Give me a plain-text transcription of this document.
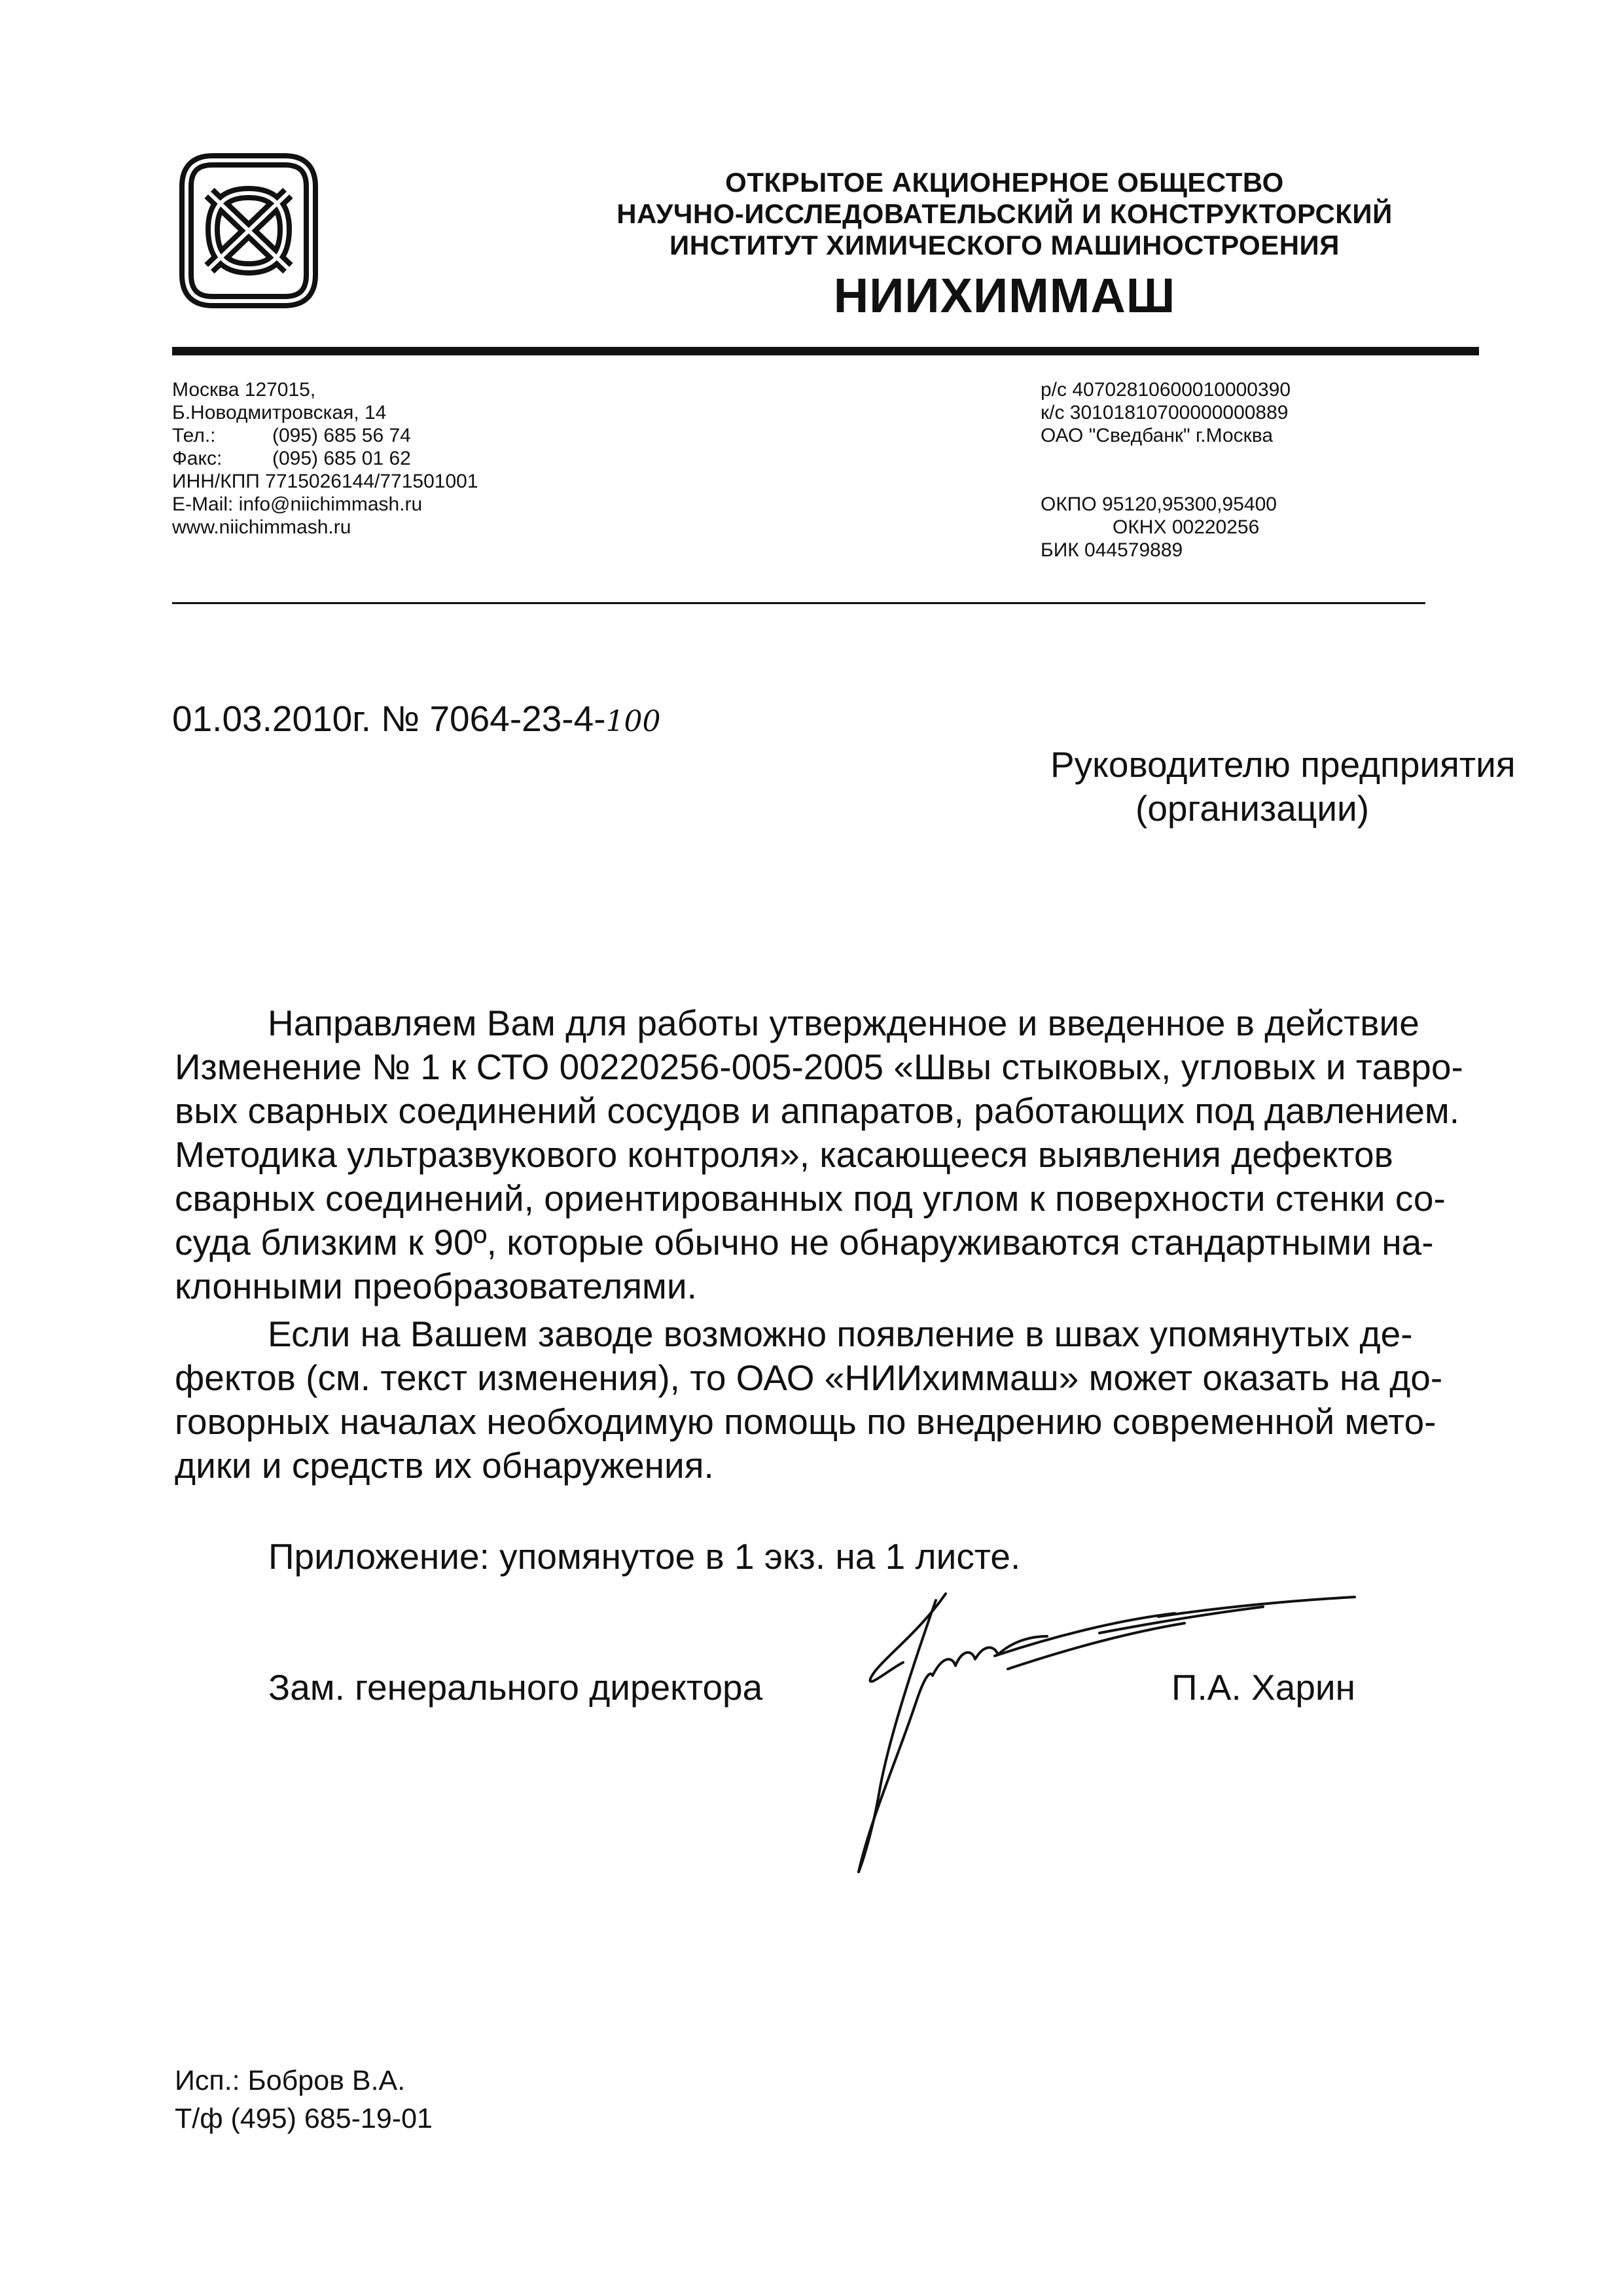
ОТКРЫТОЕ АКЦИОНЕРНОЕ ОБЩЕСТВО
НАУЧНО-ИССЛЕДОВАТЕЛЬСКИЙ И КОНСТРУКТОРСКИЙ
ИНСТИТУТ ХИМИЧЕСКОГО МАШИНОСТРОЕНИЯ
НИИХИММАШ
Москва 127015,
Б.Новодмитровская, 14
Тел.:	(095) 685 56 74
Факс:	(095) 685 01 62
ИНН/КПП 7715026144/771501001
E-Mail: info@niichimmash.ru
www.niichimmash.ru
р/с 40702810600010000390
к/с 30101810700000000889
ОАО "Сведбанк" г.Москва
ОКПО 95120,95300,95400
ОКНХ 00220256
БИК 044579889
01.03.2010г. № 7064-23-4-100
Руководителю предприятия
(организации)
Направляем Вам для работы утвержденное и введенное в действие
Изменение № 1 к СТО 00220256-005-2005 «Швы стыковых, угловых и тавро-
вых сварных соединений сосудов и аппаратов, работающих под давлением.
Методика ультразвукового контроля», касающееся выявления дефектов
сварных соединений, ориентированных под углом к поверхности стенки со-
суда близким к 90º, которые обычно не обнаруживаются стандартными на-
клонными преобразователями.
Если на Вашем заводе возможно появление в швах упомянутых де-
фектов (см. текст изменения), то ОАО «НИИхиммаш» может оказать на до-
говорных началах необходимую помощь по внедрению современной мето-
дики и средств их обнаружения.
Приложение: упомянутое в 1 экз. на 1 листе.
Зам. генерального директора	П.А. Харин
Исп.: Бобров В.А.
Т/ф (495) 685-19-01
